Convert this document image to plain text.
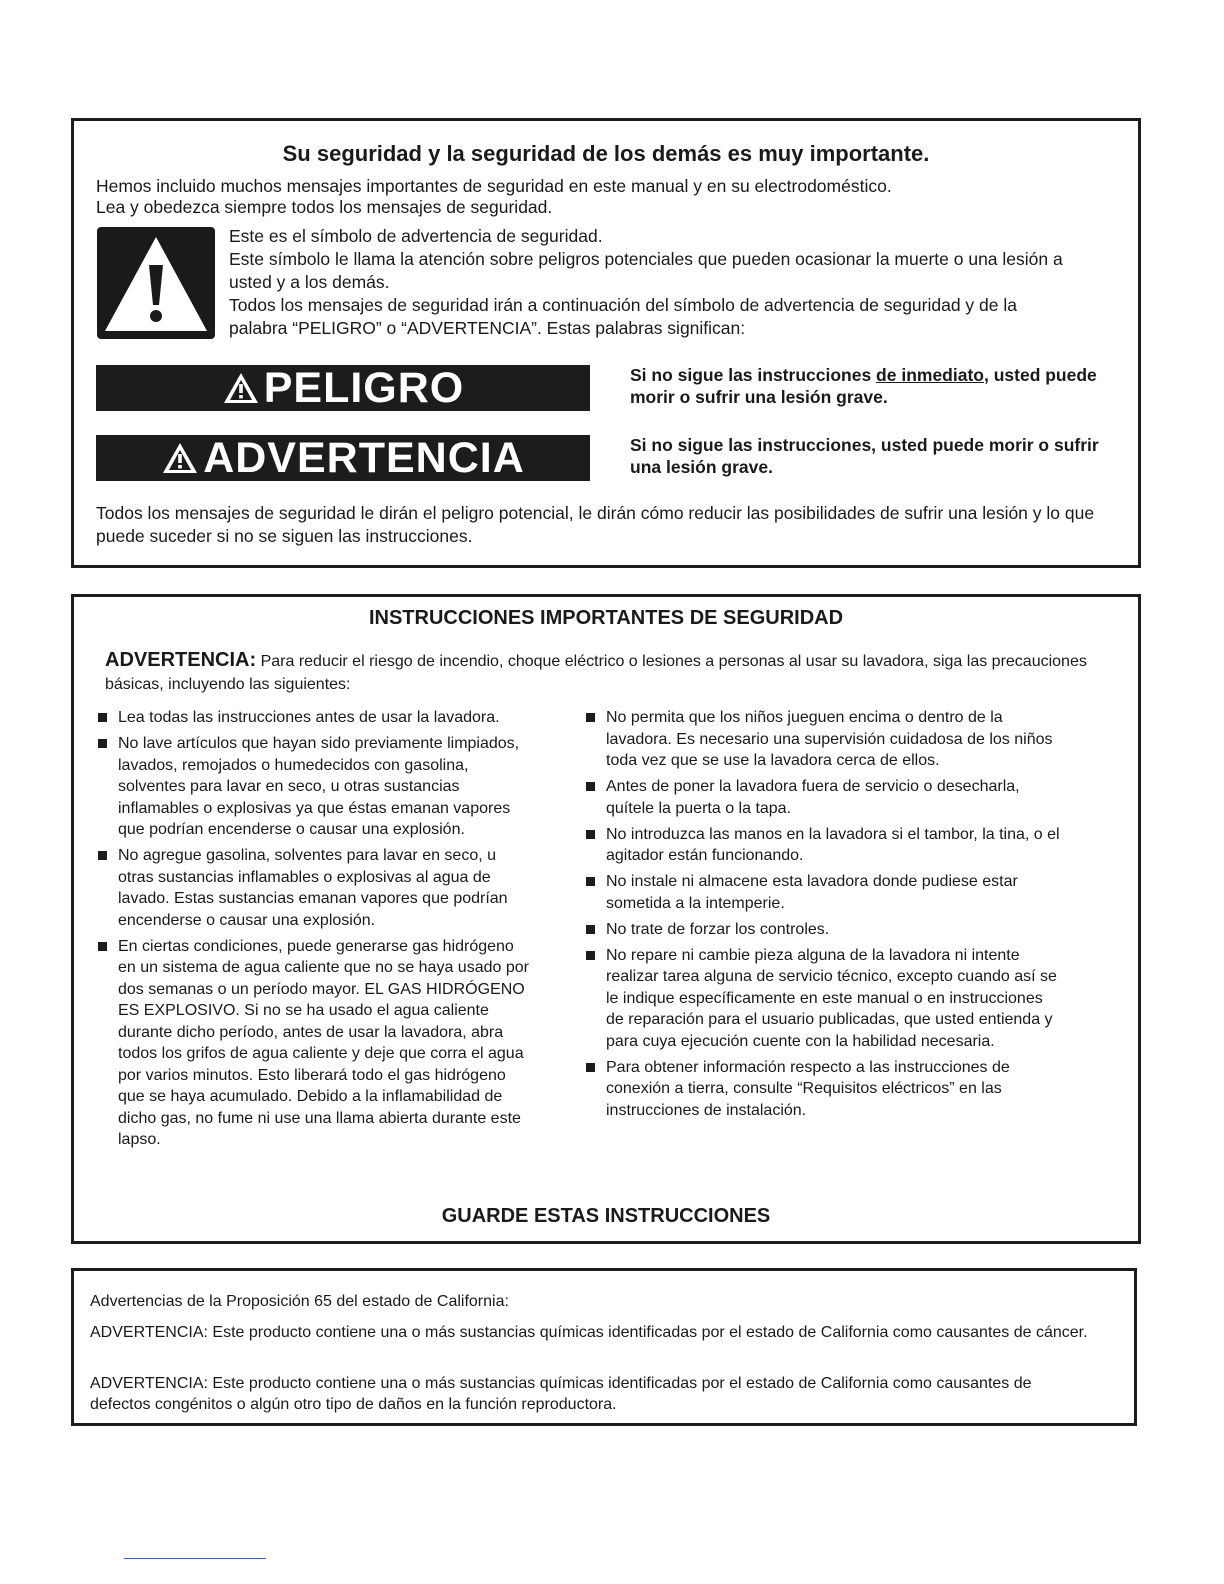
Su seguridad y la seguridad de los demás es muy importante.

Hemos incluido muchos mensajes importantes de seguridad en este manual y en su electrodoméstico.

Lea y obedezca siempre todos los mensajes de seguridad.

Este es el símbolo de advertencia de seguridad.

Este símbolo le llama la atención sobre peligros potenciales que pueden ocasionar la muerte o una lesión a usted y a los demás.

Todos los mensajes de seguridad irán a continuación del símbolo de advertencia de seguridad y de la palabra “PELIGRO” o “ADVERTENCIA”. Estas palabras significan:

PELIGRO	Si no sigue las instrucciones de inmediato, usted puede morir o sufrir una lesión grave.
ADVERTENCIA	Si no sigue las instrucciones, usted puede morir o sufrir una lesión grave.
Todos los mensajes de seguridad le dirán el peligro potencial, le dirán cómo reducir las posibilidades de sufrir una lesión y lo que puede suceder si no se siguen las instrucciones.
INSTRUCCIONES IMPORTANTES DE SEGURIDAD
ADVERTENCIA: Para reducir el riesgo de incendio, choque eléctrico o lesiones a personas al usar su lavadora, siga las precauciones básicas, incluyendo las siguientes:
Lea todas las instrucciones antes de usar la lavadora.
No lave artículos que hayan sido previamente limpiados, lavados, remojados o humedecidos con gasolina, solventes para lavar en seco, u otras sustancias inflamables o explosivas ya que éstas emanan vapores que podrían encenderse o causar una explosión.
No agregue gasolina, solventes para lavar en seco, u otras sustancias inflamables o explosivas al agua de lavado. Estas sustancias emanan vapores que podrían encenderse o causar una explosión.
En ciertas condiciones, puede generarse gas hidrógeno en un sistema de agua caliente que no se haya usado por dos semanas o un período mayor. EL GAS HIDRÓGENO ES EXPLOSIVO. Si no se ha usado el agua caliente durante dicho período, antes de usar la lavadora, abra todos los grifos de agua caliente y deje que corra el agua por varios minutos. Esto liberará todo el gas hidrógeno que se haya acumulado. Debido a la inflamabilidad de dicho gas, no fume ni use una llama abierta durante este lapso.
No permita que los niños jueguen encima o dentro de la lavadora. Es necesario una supervisión cuidadosa de los niños toda vez que se use la lavadora cerca de ellos.
Antes de poner la lavadora fuera de servicio o desecharla, quítele la puerta o la tapa.
No introduzca las manos en la lavadora si el tambor, la tina, o el agitador están funcionando.
No instale ni almacene esta lavadora donde pudiese estar sometida a la intemperie.
No trate de forzar los controles.
No repare ni cambie pieza alguna de la lavadora ni intente realizar tarea alguna de servicio técnico, excepto cuando así se le indique específicamente en este manual o en instrucciones de reparación para el usuario publicadas, que usted entienda y para cuya ejecución cuente con la habilidad necesaria.
Para obtener información respecto a las instrucciones de conexión a tierra, consulte “Requisitos eléctricos” en las instrucciones de instalación.
GUARDE ESTAS INSTRUCCIONES
Advertencias de la Proposición 65 del estado de California:
ADVERTENCIA: Este producto contiene una o más sustancias químicas identificadas por el estado de California como causantes de cáncer.
ADVERTENCIA: Este producto contiene una o más sustancias químicas identificadas por el estado de California como causantes de defectos congénitos o algún otro tipo de daños en la función reproductora.
